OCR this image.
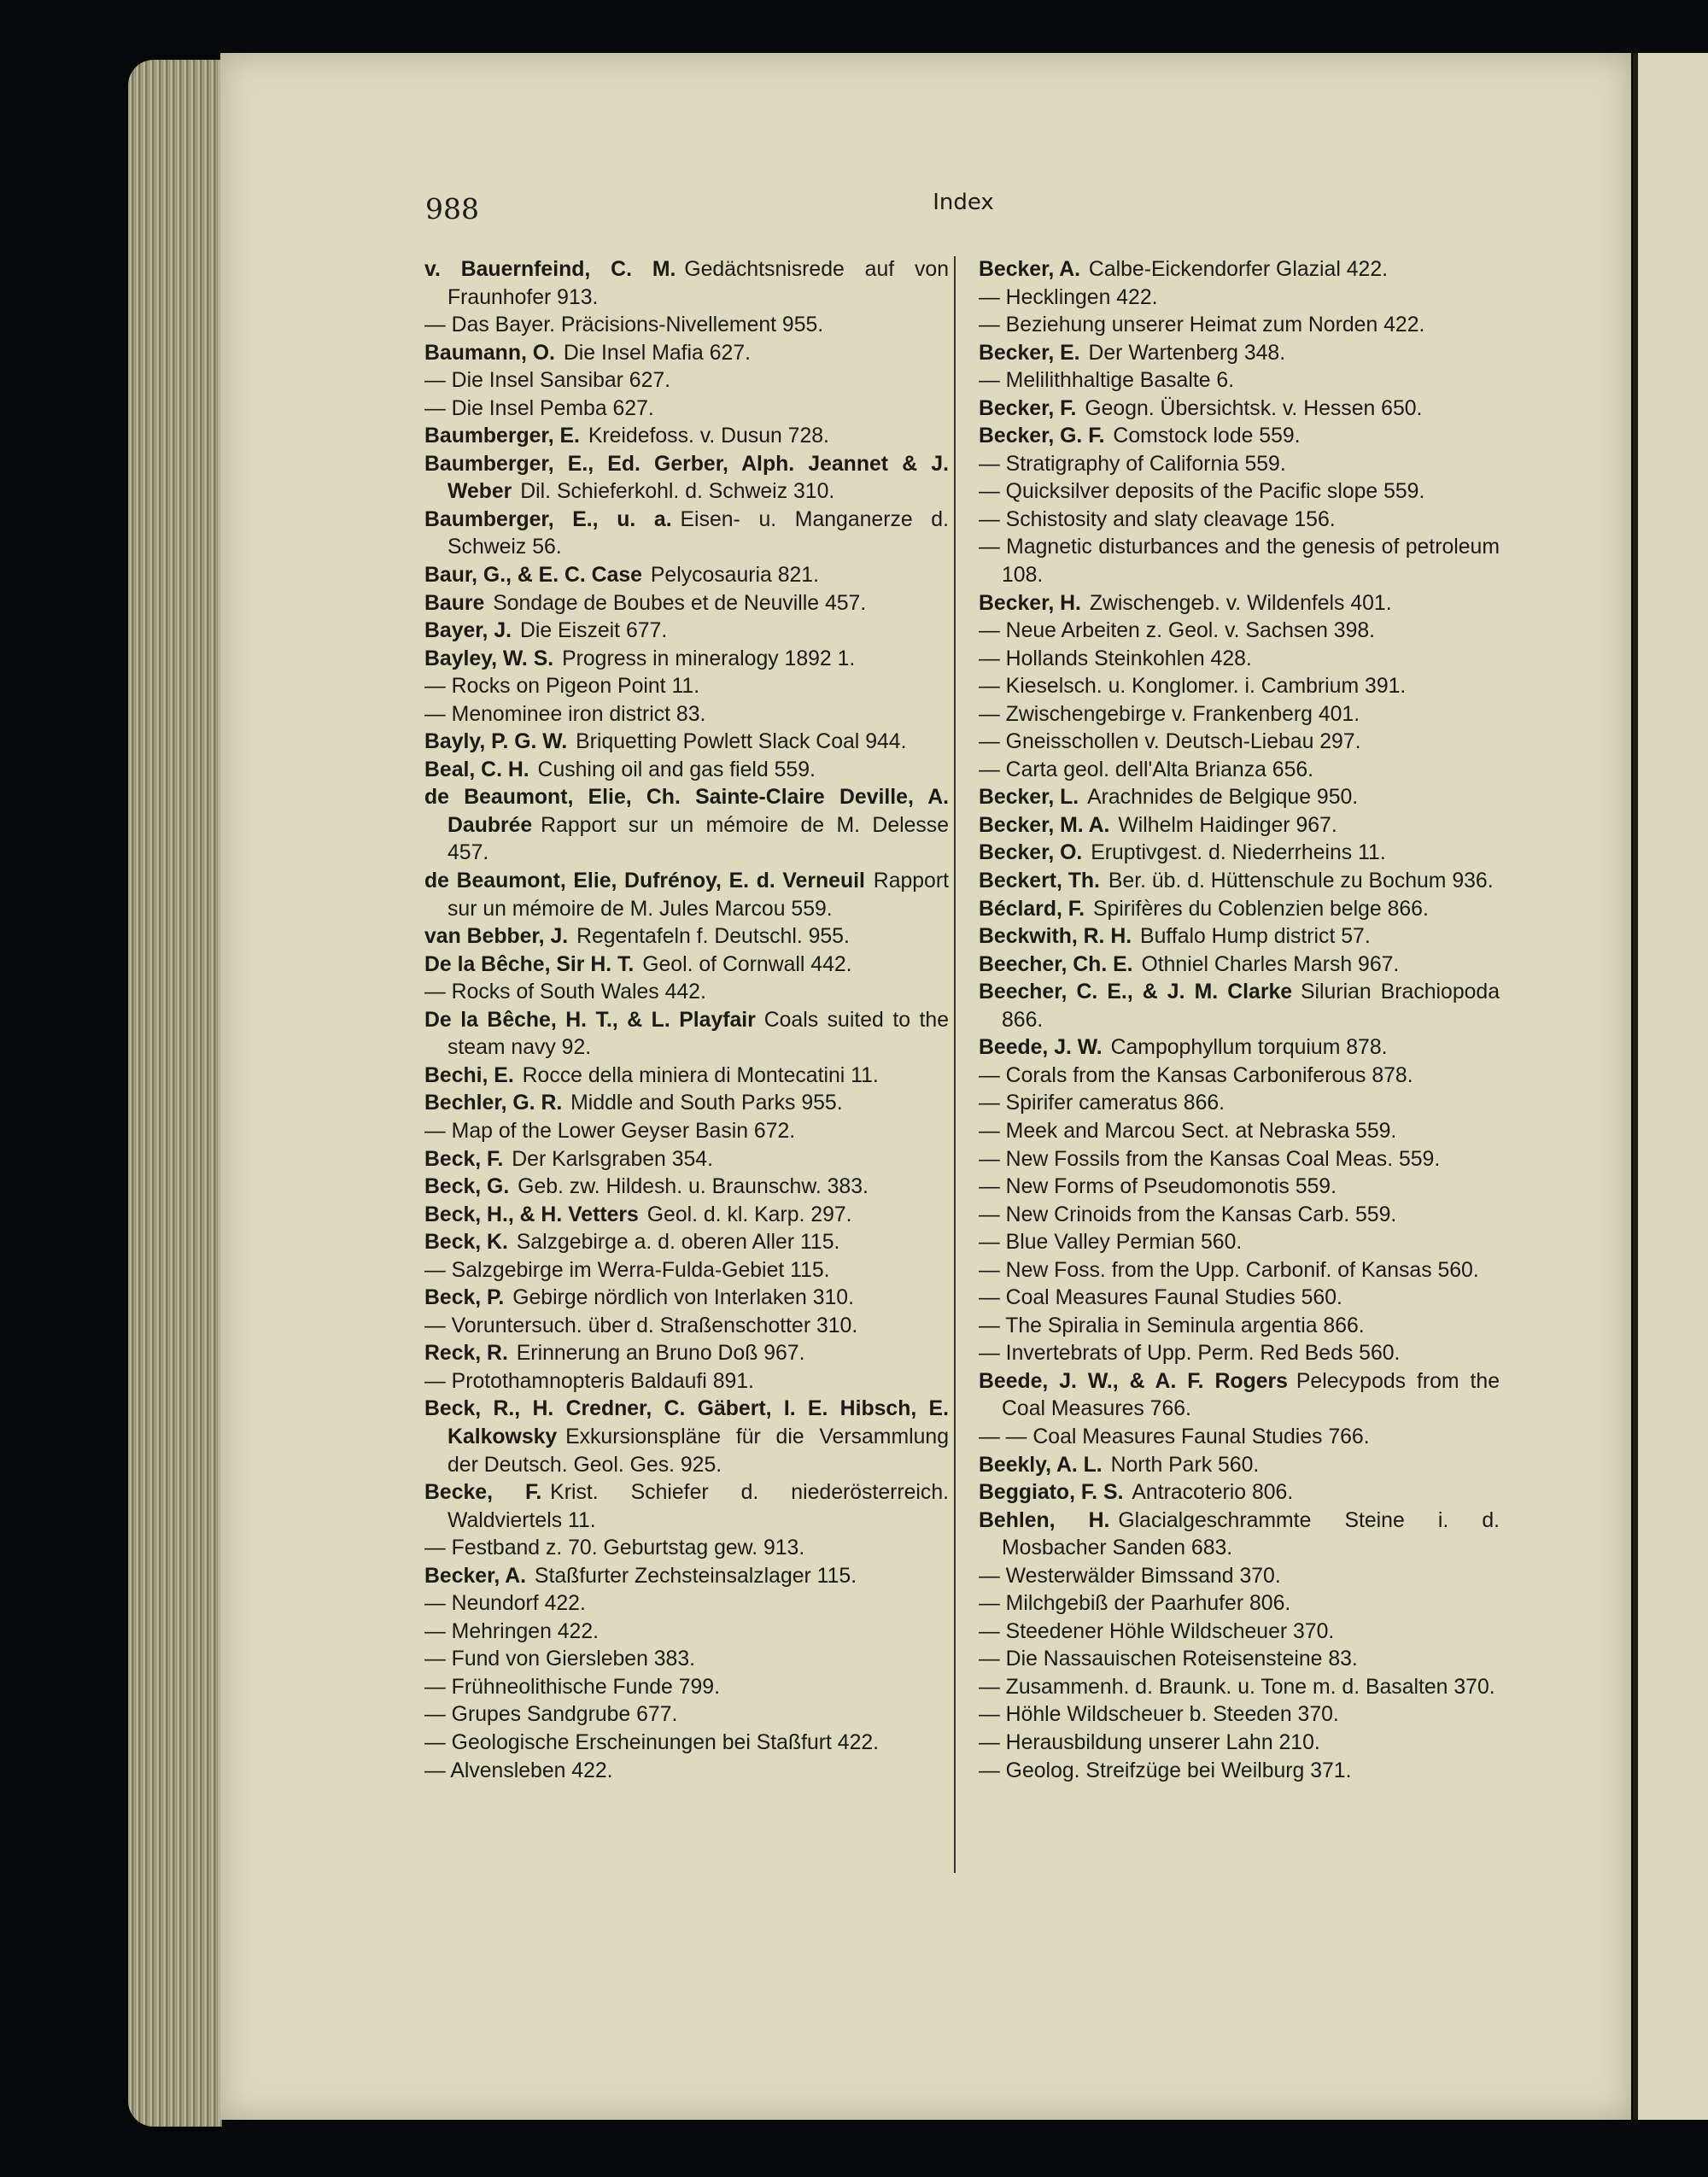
988	Index
v. Bauernfeind, C. M. Gedächtsnisrede auf von Fraunhofer 913.
— Das Bayer. Präcisions-Nivellement 955.
Baumann, O. Die Insel Mafia 627.
— Die Insel Sansibar 627.
— Die Insel Pemba 627.
Baumberger, E. Kreidefoss. v. Dusun 728.
Baumberger, E., Ed. Gerber, Alph. Jeannet & J. Weber Dil. Schieferkohl. d. Schweiz 310.
Baumberger, E., u. a. Eisen- u. Manganerze d. Schweiz 56.
Baur, G., & E. C. Case Pelycosauria 821.
Baure Sondage de Boubes et de Neuville 457.
Bayer, J. Die Eiszeit 677.
Bayley, W. S. Progress in mineralogy 1892 1.
— Rocks on Pigeon Point 11.
— Menominee iron district 83.
Bayly, P. G. W. Briquetting Powlett Slack Coal 944.
Beal, C. H. Cushing oil and gas field 559.
de Beaumont, Elie, Ch. Sainte-Claire Deville, A. Daubrée Rapport sur un mémoire de M. Delesse 457.
de Beaumont, Elie, Dufrénoy, E. d. Verneuil Rapport sur un mémoire de M. Jules Marcou 559.
van Bebber, J. Regentafeln f. Deutschl. 955.
De la Bêche, Sir H. T. Geol. of Cornwall 442.
— Rocks of South Wales 442.
De la Bêche, H. T., & L. Playfair Coals suited to the steam navy 92.
Bechi, E. Rocce della miniera di Montecatini 11.
Bechler, G. R. Middle and South Parks 955.
— Map of the Lower Geyser Basin 672.
Beck, F. Der Karlsgraben 354.
Beck, G. Geb. zw. Hildesh. u. Braunschw. 383.
Beck, H., & H. Vetters Geol. d. kl. Karp. 297.
Beck, K. Salzgebirge a. d. oberen Aller 115.
— Salzgebirge im Werra-Fulda-Gebiet 115.
Beck, P. Gebirge nördlich von Interlaken 310.
— Voruntersuch. über d. Straßenschotter 310.
Reck, R. Erinnerung an Bruno Doß 967.
— Protothamnopteris Baldaufi 891.
Beck, R., H. Credner, C. Gäbert, I. E. Hibsch, E. Kalkowsky Exkursionspläne für die Versammlung der Deutsch. Geol. Ges. 925.
Becke, F. Krist. Schiefer d. niederösterreich. Waldviertels 11.
— Festband z. 70. Geburtstag gew. 913.
Becker, A. Staßfurter Zechsteinsalzlager 115.
— Neundorf 422.
— Mehringen 422.
— Fund von Giersleben 383.
— Frühneolithische Funde 799.
— Grupes Sandgrube 677.
— Geologische Erscheinungen bei Staßfurt 422.
— Alvensleben 422.
Becker, A. Calbe-Eickendorfer Glazial 422.
— Hecklingen 422.
— Beziehung unserer Heimat zum Norden 422.
Becker, E. Der Wartenberg 348.
— Melilithhaltige Basalte 6.
Becker, F. Geogn. Übersichtsk. v. Hessen 650.
Becker, G. F. Comstock lode 559.
— Stratigraphy of California 559.
— Quicksilver deposits of the Pacific slope 559.
— Schistosity and slaty cleavage 156.
— Magnetic disturbances and the genesis of petroleum 108.
Becker, H. Zwischengeb. v. Wildenfels 401.
— Neue Arbeiten z. Geol. v. Sachsen 398.
— Hollands Steinkohlen 428.
— Kieselsch. u. Konglomer. i. Cambrium 391.
— Zwischengebirge v. Frankenberg 401.
— Gneisschollen v. Deutsch-Liebau 297.
— Carta geol. dell'Alta Brianza 656.
Becker, L. Arachnides de Belgique 950.
Becker, M. A. Wilhelm Haidinger 967.
Becker, O. Eruptivgest. d. Niederrheins 11.
Beckert, Th. Ber. üb. d. Hüttenschule zu Bochum 936.
Béclard, F. Spirifères du Coblenzien belge 866.
Beckwith, R. H. Buffalo Hump district 57.
Beecher, Ch. E. Othniel Charles Marsh 967.
Beecher, C. E., & J. M. Clarke Silurian Brachiopoda 866.
Beede, J. W. Campophyllum torquium 878.
— Corals from the Kansas Carboniferous 878.
— Spirifer cameratus 866.
— Meek and Marcou Sect. at Nebraska 559.
— New Fossils from the Kansas Coal Meas. 559.
— New Forms of Pseudomonotis 559.
— New Crinoids from the Kansas Carb. 559.
— Blue Valley Permian 560.
— New Foss. from the Upp. Carbonif. of Kansas 560.
— Coal Measures Faunal Studies 560.
— The Spiralia in Seminula argentia 866.
— Invertebrats of Upp. Perm. Red Beds 560.
Beede, J. W., & A. F. Rogers Pelecypods from the Coal Measures 766.
— — Coal Measures Faunal Studies 766.
Beekly, A. L. North Park 560.
Beggiato, F. S. Antracoterio 806.
Behlen, H. Glacialgeschrammte Steine i. d. Mosbacher Sanden 683.
— Westerwälder Bimssand 370.
— Milchgebiß der Paarhufer 806.
— Steedener Höhle Wildscheuer 370.
— Die Nassauischen Roteisensteine 83.
— Zusammenh. d. Braunk. u. Tone m. d. Basalten 370.
— Höhle Wildscheuer b. Steeden 370.
— Herausbildung unserer Lahn 210.
— Geolog. Streifzüge bei Weilburg 371.
